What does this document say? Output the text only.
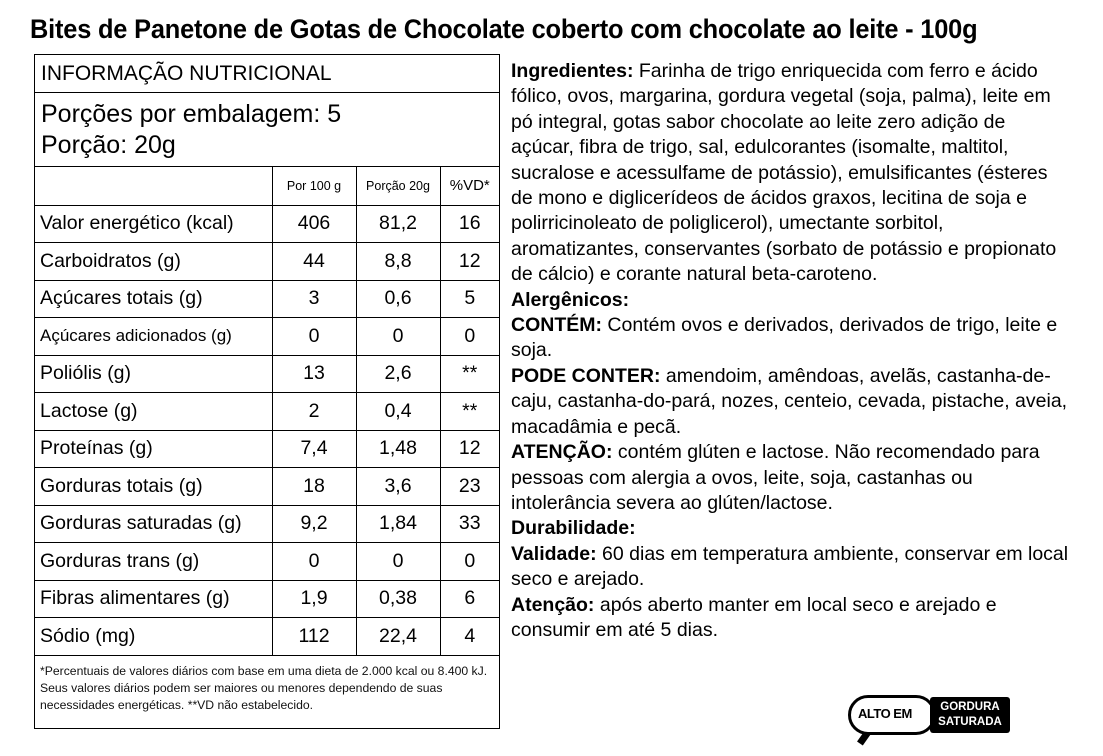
Bites de Panetone de Gotas de Chocolate coberto com chocolate ao leite - 100g
INFORMAÇÃO NUTRICIONAL
Porções por embalagem: 5
Porção: 20g
	Por 100 g	Porção 20g	%VD*
Valor energético (kcal)	406	81,2	16
Carboidratos (g)	44	8,8	12
Açúcares totais (g)	3	0,6	5
Açúcares adicionados (g)	0	0	0
Poliólis (g)	13	2,6	**
Lactose (g)	2	0,4	**
Proteínas (g)	7,4	1,48	12
Gorduras totais (g)	18	3,6	23
Gorduras saturadas (g)	9,2	1,84	33
Gorduras trans (g)	0	0	0
Fibras alimentares (g)	1,9	0,38	6
Sódio (mg)	112	22,4	4
*Percentuais de valores diários com base em uma dieta de 2.000 kcal ou 8.400 kJ. Seus valores diários podem ser maiores ou menores dependendo de suas necessidades energéticas. **VD não estabelecido.

Ingredientes: Farinha de trigo enriquecida com ferro e ácido fólico, ovos, margarina, gordura vegetal (soja, palma), leite em pó integral, gotas sabor chocolate ao leite zero adição de açúcar, fibra de trigo, sal, edulcorantes (isomalte, maltitol, sucralose e acessulfame de potássio), emulsificantes (ésteres de mono e diglicerídeos de ácidos graxos, lecitina de soja e polirricinoleato de poliglicerol), umectante sorbitol, aromatizantes, conservantes (sorbato de potássio e propionato de cálcio) e corante natural beta-caroteno.

Alergênicos:

CONTÉM: Contém ovos e derivados, derivados de trigo, leite e soja.

PODE CONTER: amendoim, amêndoas, avelãs, castanha-de-caju, castanha-do-pará, nozes, centeio, cevada, pistache, aveia, macadâmia e pecã.

ATENÇÃO: contém glúten e lactose. Não recomendado para pessoas com alergia a ovos, leite, soja, castanhas ou intolerância severa ao glúten/lactose.

Durabilidade:

Validade: 60 dias em temperatura ambiente, conservar em local seco e arejado.

Atenção: após aberto manter em local seco e arejado e consumir em até 5 dias.

ALTO EM	GORDURA
SATURADA
